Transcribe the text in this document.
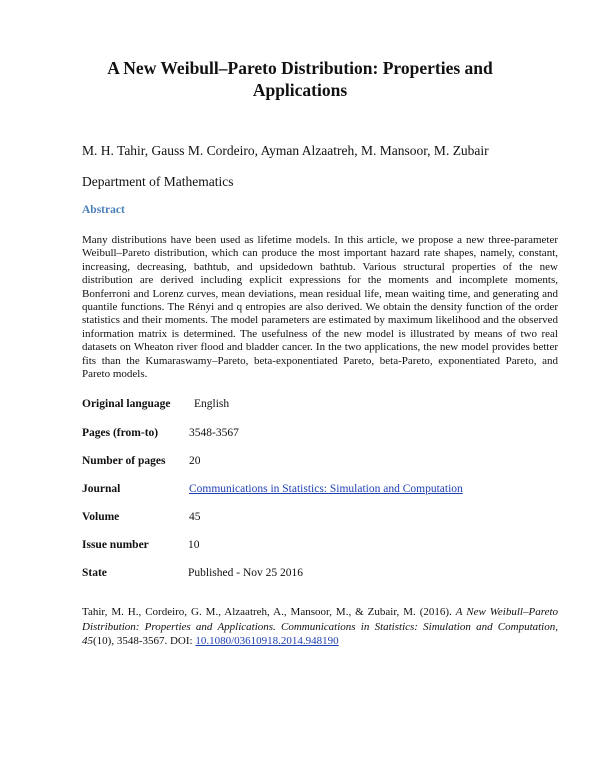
A New Weibull–Pareto Distribution: Properties and Applications
M. H. Tahir, Gauss M. Cordeiro, Ayman Alzaatreh, M. Mansoor, M. Zubair
Department of Mathematics
Abstract
Many distributions have been used as lifetime models. In this article, we propose a new three-parameter Weibull–Pareto distribution, which can produce the most important hazard rate shapes, namely, constant, increasing, decreasing, bathtub, and upsidedown bathtub. Various structural properties of the new distribution are derived including explicit expressions for the moments and incomplete moments, Bonferroni and Lorenz curves, mean deviations, mean residual life, mean waiting time, and generating and quantile functions. The Rényi and q entropies are also derived. We obtain the density function of the order statistics and their moments. The model parameters are estimated by maximum likelihood and the observed information matrix is determined. The usefulness of the new model is illustrated by means of two real datasets on Wheaton river flood and bladder cancer. In the two applications, the new model provides better fits than the Kumaraswamy–Pareto, beta-exponentiated Pareto, beta-Pareto, exponentiated Pareto, and Pareto models.
Original language English
Pages (from-to)	3548-3567
Number of pages 20
Journal	Communications in Statistics: Simulation and Computation
Volume	45
Issue number	10
State	Published - Nov 25 2016
Tahir, M. H., Cordeiro, G. M., Alzaatreh, A., Mansoor, M., & Zubair, M. (2016). A New Weibull–Pareto Distribution: Properties and Applications. Communications in Statistics: Simulation and Computation, 45(10), 3548-3567. DOI: 10.1080/03610918.2014.948190
